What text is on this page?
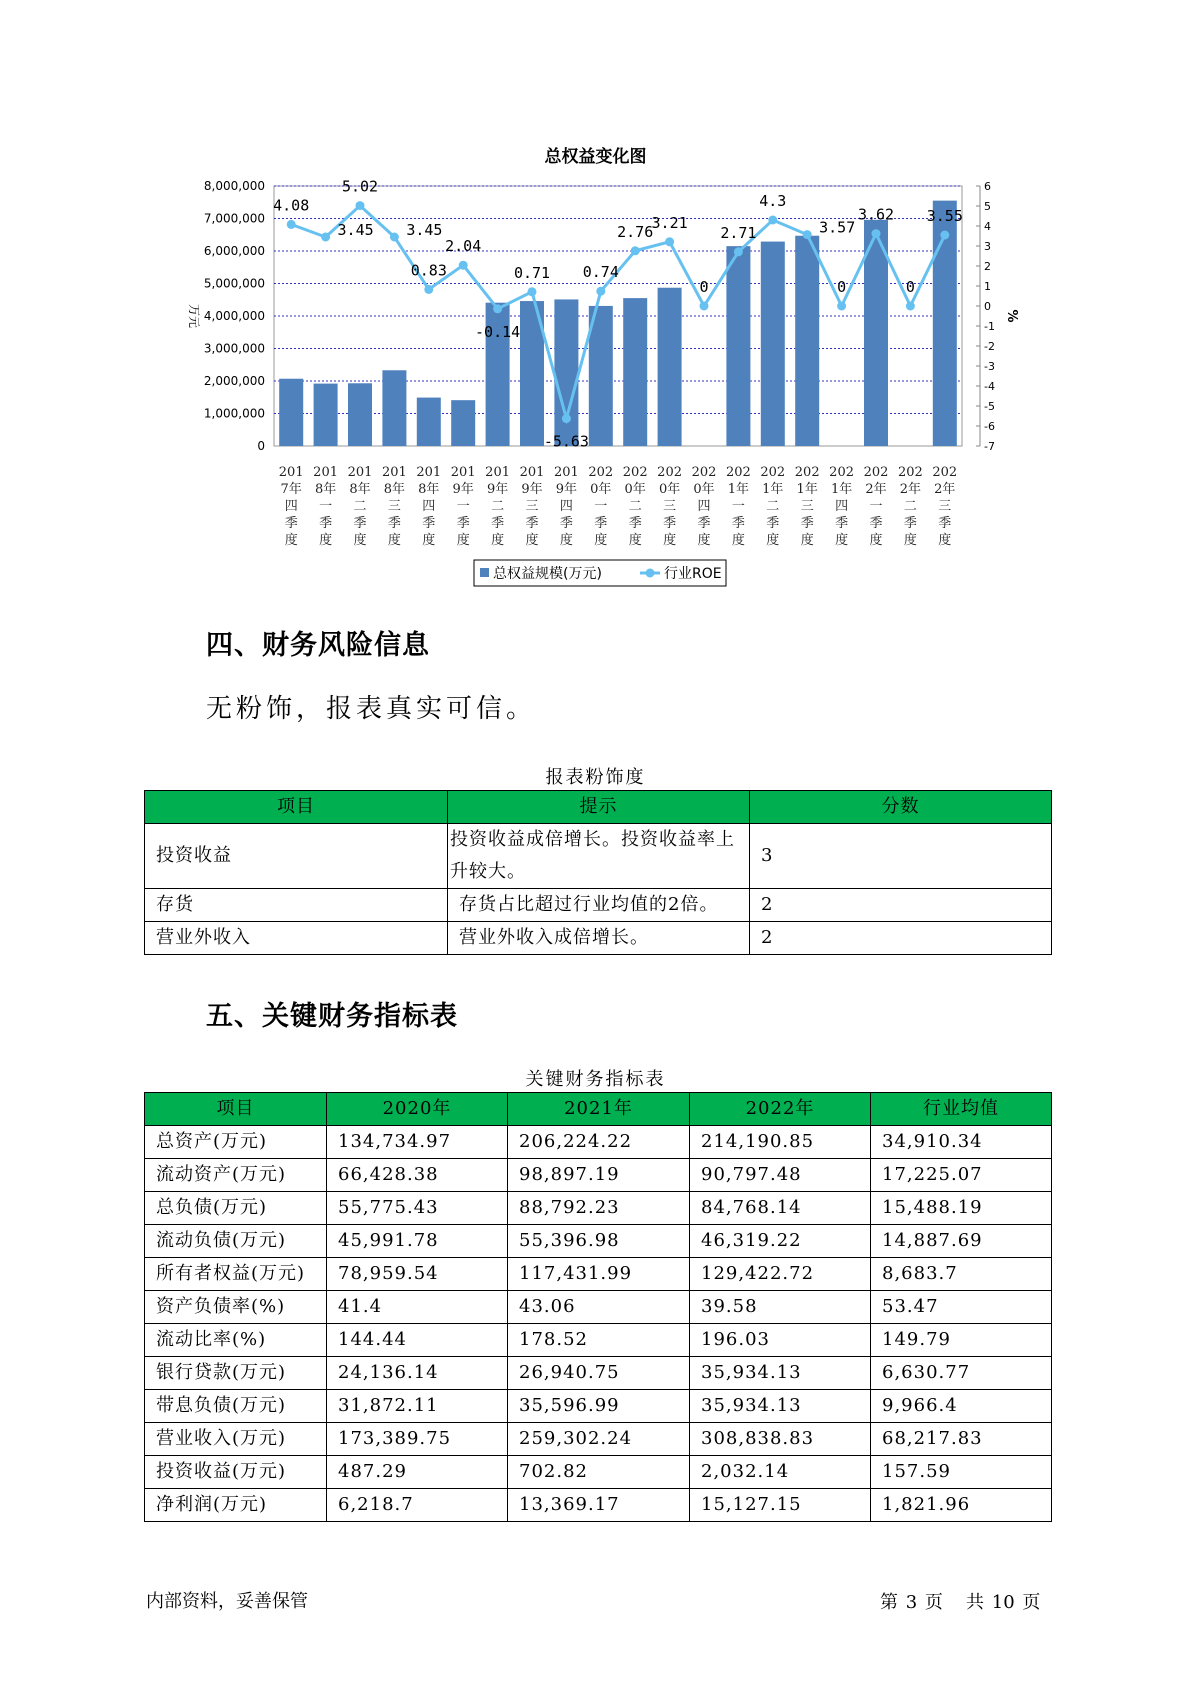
总权益变化图
0
1,000,000
2,000,000
3,000,000
4,000,000
5,000,000
6,000,000
7,000,000
8,000,000
-7
-6
-5
-4
-3
-2
-1
0
1
2
3
4
5
6
万元	%
4.08
3.45
5.02
3.45
0.83
2.04
-0.14
0.71
-5.63
0.74
2.76
3.21
0
2.71
4.3
3.57
0
3.62
0
3.55
201
7年
四
季
度
201
8年
一
季
度
201
8年
二
季
度
201
8年
三
季
度
201
8年
四
季
度
201
9年
一
季
度
201
9年
二
季
度
201
9年
三
季
度
201
9年
四
季
度
202
0年
一
季
度
202
0年
二
季
度
202
0年
三
季
度
202
0年
四
季
度
202
1年
一
季
度
202
1年
二
季
度
202
1年
三
季
度
202
1年
四
季
度
202
2年
一
季
度
202
2年
二
季
度
202
2年
三
季
度
总权益规模(万元)	行业ROE
四、财务风险信息
无粉饰，报表真实可信。
报表粉饰度
项目	提示	分数
投资收益	投资收益成倍增长。投资收益率上升较大。	3
存货	存货占比超过行业均值的2倍。	2
营业外收入	营业外收入成倍增长。	2
五、关键财务指标表
关键财务指标表
项目	2020年	2021年	2022年	行业均值
总资产(万元)	134,734.97	206,224.22	214,190.85	34,910.34
流动资产(万元)	66,428.38	98,897.19	90,797.48	17,225.07
总负债(万元)	55,775.43	88,792.23	84,768.14	15,488.19
流动负债(万元)	45,991.78	55,396.98	46,319.22	14,887.69
所有者权益(万元)	78,959.54	117,431.99	129,422.72	8,683.7
资产负债率(%)	41.4	43.06	39.58	53.47
流动比率(%)	144.44	178.52	196.03	149.79
银行贷款(万元)	24,136.14	26,940.75	35,934.13	6,630.77
带息负债(万元)	31,872.11	35,596.99	35,934.13	9,966.4
营业收入(万元)	173,389.75	259,302.24	308,838.83	68,217.83
投资收益(万元)	487.29	702.82	2,032.14	157.59
净利润(万元)	6,218.7	13,369.17	15,127.15	1,821.96
内部资料，妥善保管	第 3 页   共 10 页
